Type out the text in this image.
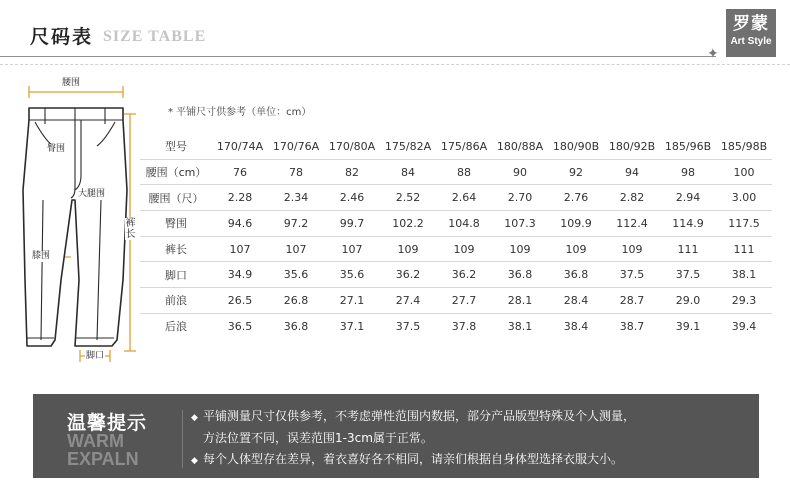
尺码表 SIZE TABLE
✦
罗蒙
Art Style
腰围
臀围
大腿围
膝围
裤长
脚口
* 平铺尺寸供参考（单位：cm）
型号	170/74A	170/76A	170/80A	175/82A	175/86A	180/88A	180/90B	180/92B	185/96B	185/98B
腰围（cm）	76	78	82	84	88	90	92	94	98	100
腰围（尺）	2.28	2.34	2.46	2.52	2.64	2.70	2.76	2.82	2.94	3.00
臀围	94.6	97.2	99.7	102.2	104.8	107.3	109.9	112.4	114.9	117.5
裤长	107	107	107	109	109	109	109	109	111	111
脚口	34.9	35.6	35.6	36.2	36.2	36.8	36.8	37.5	37.5	38.1
前浪	26.5	26.8	27.1	27.4	27.7	28.1	28.4	28.7	29.0	29.3
后浪	36.5	36.8	37.1	37.5	37.8	38.1	38.4	38.7	39.1	39.4
温馨提示
WARM
EXPALN
◆ 平铺测量尺寸仅供参考，不考虑弹性范围内数据，部分产品版型特殊及个人测量，
方法位置不同，误差范围1-3cm属于正常。
◆ 每个人体型存在差异，着衣喜好各不相同，请亲们根据自身体型选择衣服大小。
